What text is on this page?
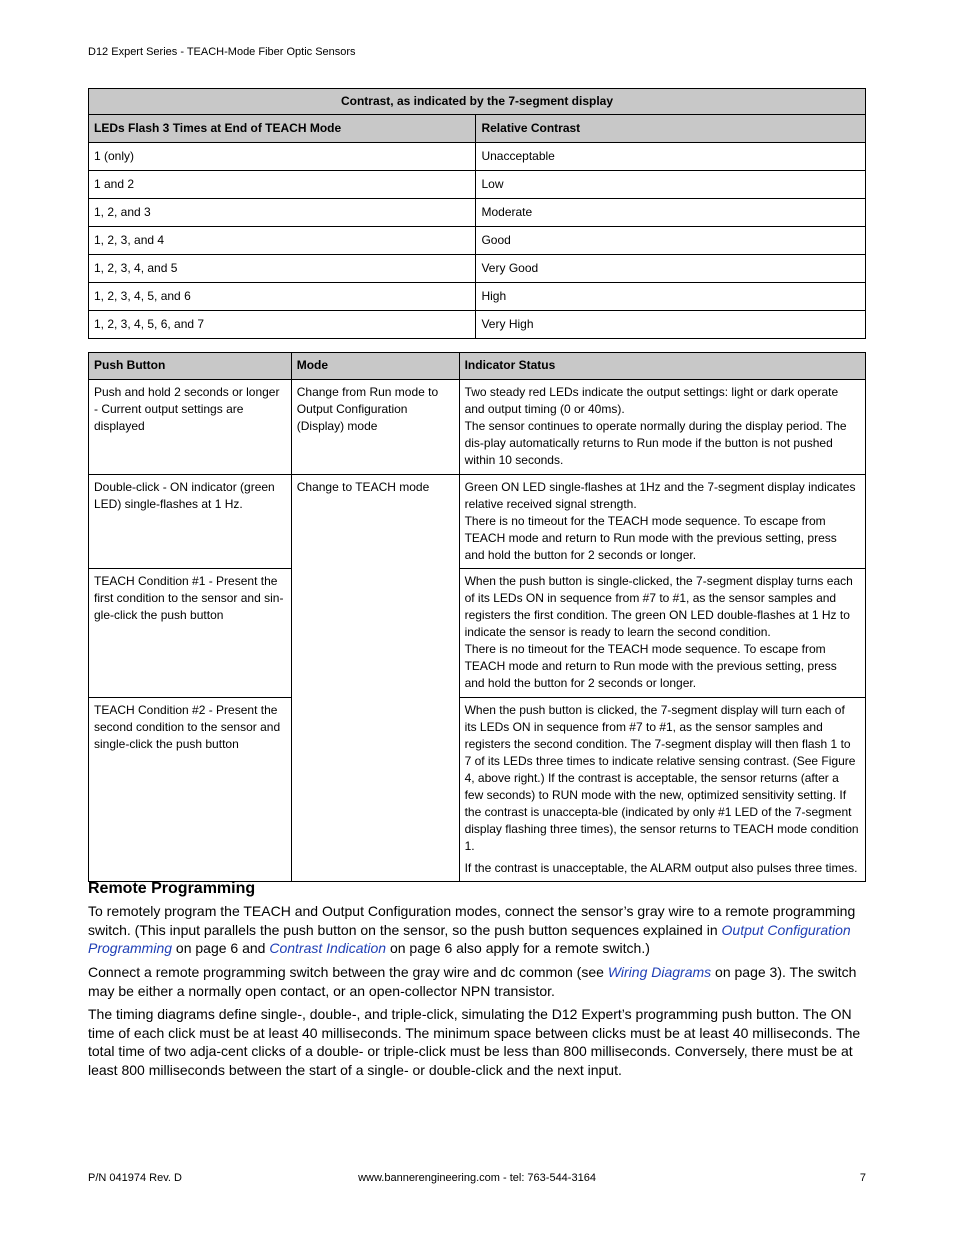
D12 Expert Series - TEACH-Mode Fiber Optic Sensors
Contrast, as indicated by the 7-segment display	
LEDs Flash 3 Times at End of TEACH Mode	Relative Contrast
1 (only)	Unacceptable
1 and 2	Low
1, 2, and 3	Moderate
1, 2, 3, and 4	Good
1, 2, 3, 4, and 5	Very Good
1, 2, 3, 4, 5, and 6	High
1, 2, 3, 4, 5, 6, and 7	Very High
Push Button	Mode	Indicator Status
Push and hold 2 seconds or longer - Current output settings are displayed	Change from Run mode to Output Configuration (Display) mode	Two steady red LEDs indicate the output settings: light or dark operate and output timing (0 or 40ms).

The sensor continues to operate normally during the display period. The dis-play automatically returns to Run mode if the button is not pushed within 10 seconds.

Double-click - ON indicator (green LED) single-flashes at 1 Hz.	Change to TEACH mode	Green ON LED single-flashes at 1Hz and the 7-segment display indicates relative received signal strength.

There is no timeout for the TEACH mode sequence. To escape from TEACH mode and return to Run mode with the previous setting, press and hold the button for 2 seconds or longer.

TEACH Condition #1 - Present the first condition to the sensor and sin-gle-click the push button		When the push button is single-clicked, the 7-segment display turns each of its LEDs ON in sequence from #7 to #1, as the sensor samples and registers the first condition. The green ON LED double-flashes at 1 Hz to indicate the sensor is ready to learn the second condition.

There is no timeout for the TEACH mode sequence. To escape from TEACH mode and return to Run mode with the previous setting, press and hold the button for 2 seconds or longer.

TEACH Condition #2 - Present the second condition to the sensor and single-click the push button		When the push button is clicked, the 7-segment display will turn each of its LEDs ON in sequence from #7 to #1, as the sensor samples and registers the second condition. The 7-segment display will then flash 1 to 7 of its LEDs three times to indicate relative sensing contrast. (See Figure 4, above right.) If the contrast is acceptable, the sensor returns (after a few seconds) to RUN mode with the new, optimized sensitivity setting. If the contrast is unaccepta-ble (indicated by only #1 LED of the 7-segment display flashing three times), the sensor returns to TEACH mode condition 1.

If the contrast is unacceptable, the ALARM output also pulses three times.

Remote Programming

To remotely program the TEACH and Output Configuration modes, connect the sensor’s gray wire to a remote programming switch. (This input parallels the push button on the sensor, so the push button sequences explained in Output Configuration Programming on page 6 and Contrast Indication on page 6 also apply for a remote switch.)

Connect a remote programming switch between the gray wire and dc common (see Wiring Diagrams on page 3). The switch may be either a normally open contact, or an open-collector NPN transistor.

The timing diagrams define single-, double-, and triple-click, simulating the D12 Expert’s programming push button. The ON time of each click must be at least 40 milliseconds. The minimum space between clicks must be at least 40 milliseconds. The total time of two adja-cent clicks of a double- or triple-click must be less than 800 milliseconds. Conversely, there must be at least 800 milliseconds between the start of a single- or double-click and the next input.

P/N 041974 Rev. D	www.bannerengineering.com - tel: 763-544-3164	7
